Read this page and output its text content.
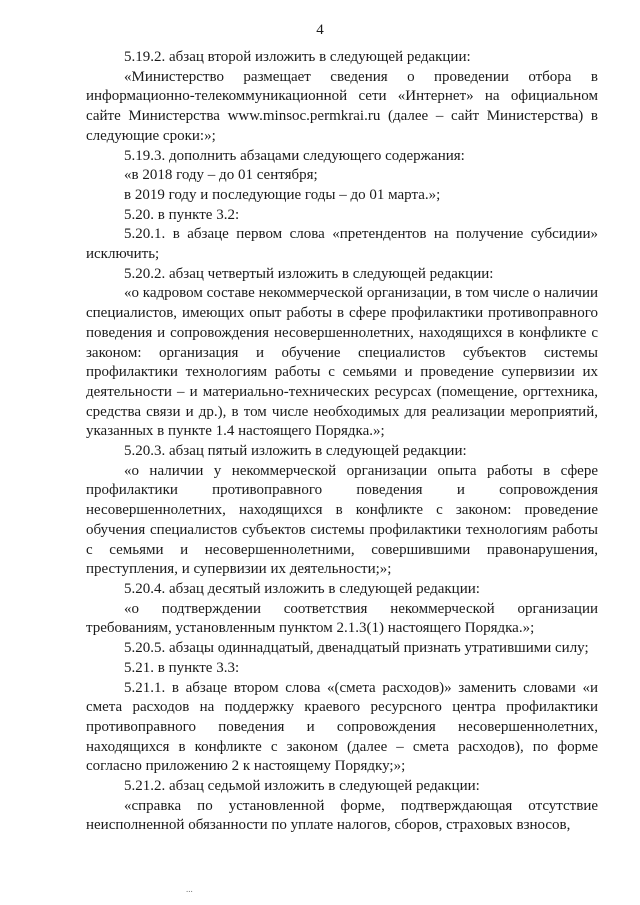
4

5.19.2. абзац второй изложить в следующей редакции:

«Министерство размещает сведения о проведении отбора в информационно-телекоммуникационной сети «Интернет» на официальном сайте Министерства www.minsoc.permkrai.ru (далее – сайт Министерства) в следующие сроки:»;

5.19.3. дополнить абзацами следующего содержания:

«в 2018 году – до 01 сентября;

в 2019 году и последующие годы – до 01 марта.»;

5.20. в пункте 3.2:

5.20.1. в абзаце первом слова «претендентов на получение субсидии» исключить;

5.20.2. абзац четвертый изложить в следующей редакции:

«о кадровом составе некоммерческой организации, в том числе о наличии специалистов, имеющих опыт работы в сфере профилактики противоправного поведения и сопровождения несовершеннолетних, находящихся в конфликте с законом: организация и обучение специалистов субъектов системы профилактики технологиям работы с семьями и проведение супервизии их деятельности – и материально-технических ресурсах (помещение, оргтехника, средства связи и др.), в том числе необходимых для реализации мероприятий, указанных в пункте 1.4 настоящего Порядка.»;

5.20.3. абзац пятый изложить в следующей редакции:

«о наличии у некоммерческой организации опыта работы в сфере профилактики противоправного поведения и сопровождения несовершеннолетних, находящихся в конфликте с законом: проведение обучения специалистов субъектов системы профилактики технологиям работы с семьями и несовершеннолетними, совершившими правонарушения, преступления, и супервизии их деятельности;»;

5.20.4. абзац десятый изложить в следующей редакции:

«о подтверждении соответствия некоммерческой организации требованиям, установленным пунктом 2.1.3(1) настоящего Порядка.»;

5.20.5. абзацы одиннадцатый, двенадцатый признать утратившими силу;

5.21. в пункте 3.3:

5.21.1. в абзаце втором слова «(смета расходов)» заменить словами «и смета расходов на поддержку краевого ресурсного центра профилактики противоправного поведения и сопровождения несовершеннолетних, находящихся в конфликте с законом (далее – смета расходов), по форме согласно приложению 2 к настоящему Порядку;»;

5.21.2. абзац седьмой изложить в следующей редакции:

«справка по установленной форме, подтверждающая отсутствие неисполненной обязанности по уплате налогов, сборов, страховых взносов,

...
